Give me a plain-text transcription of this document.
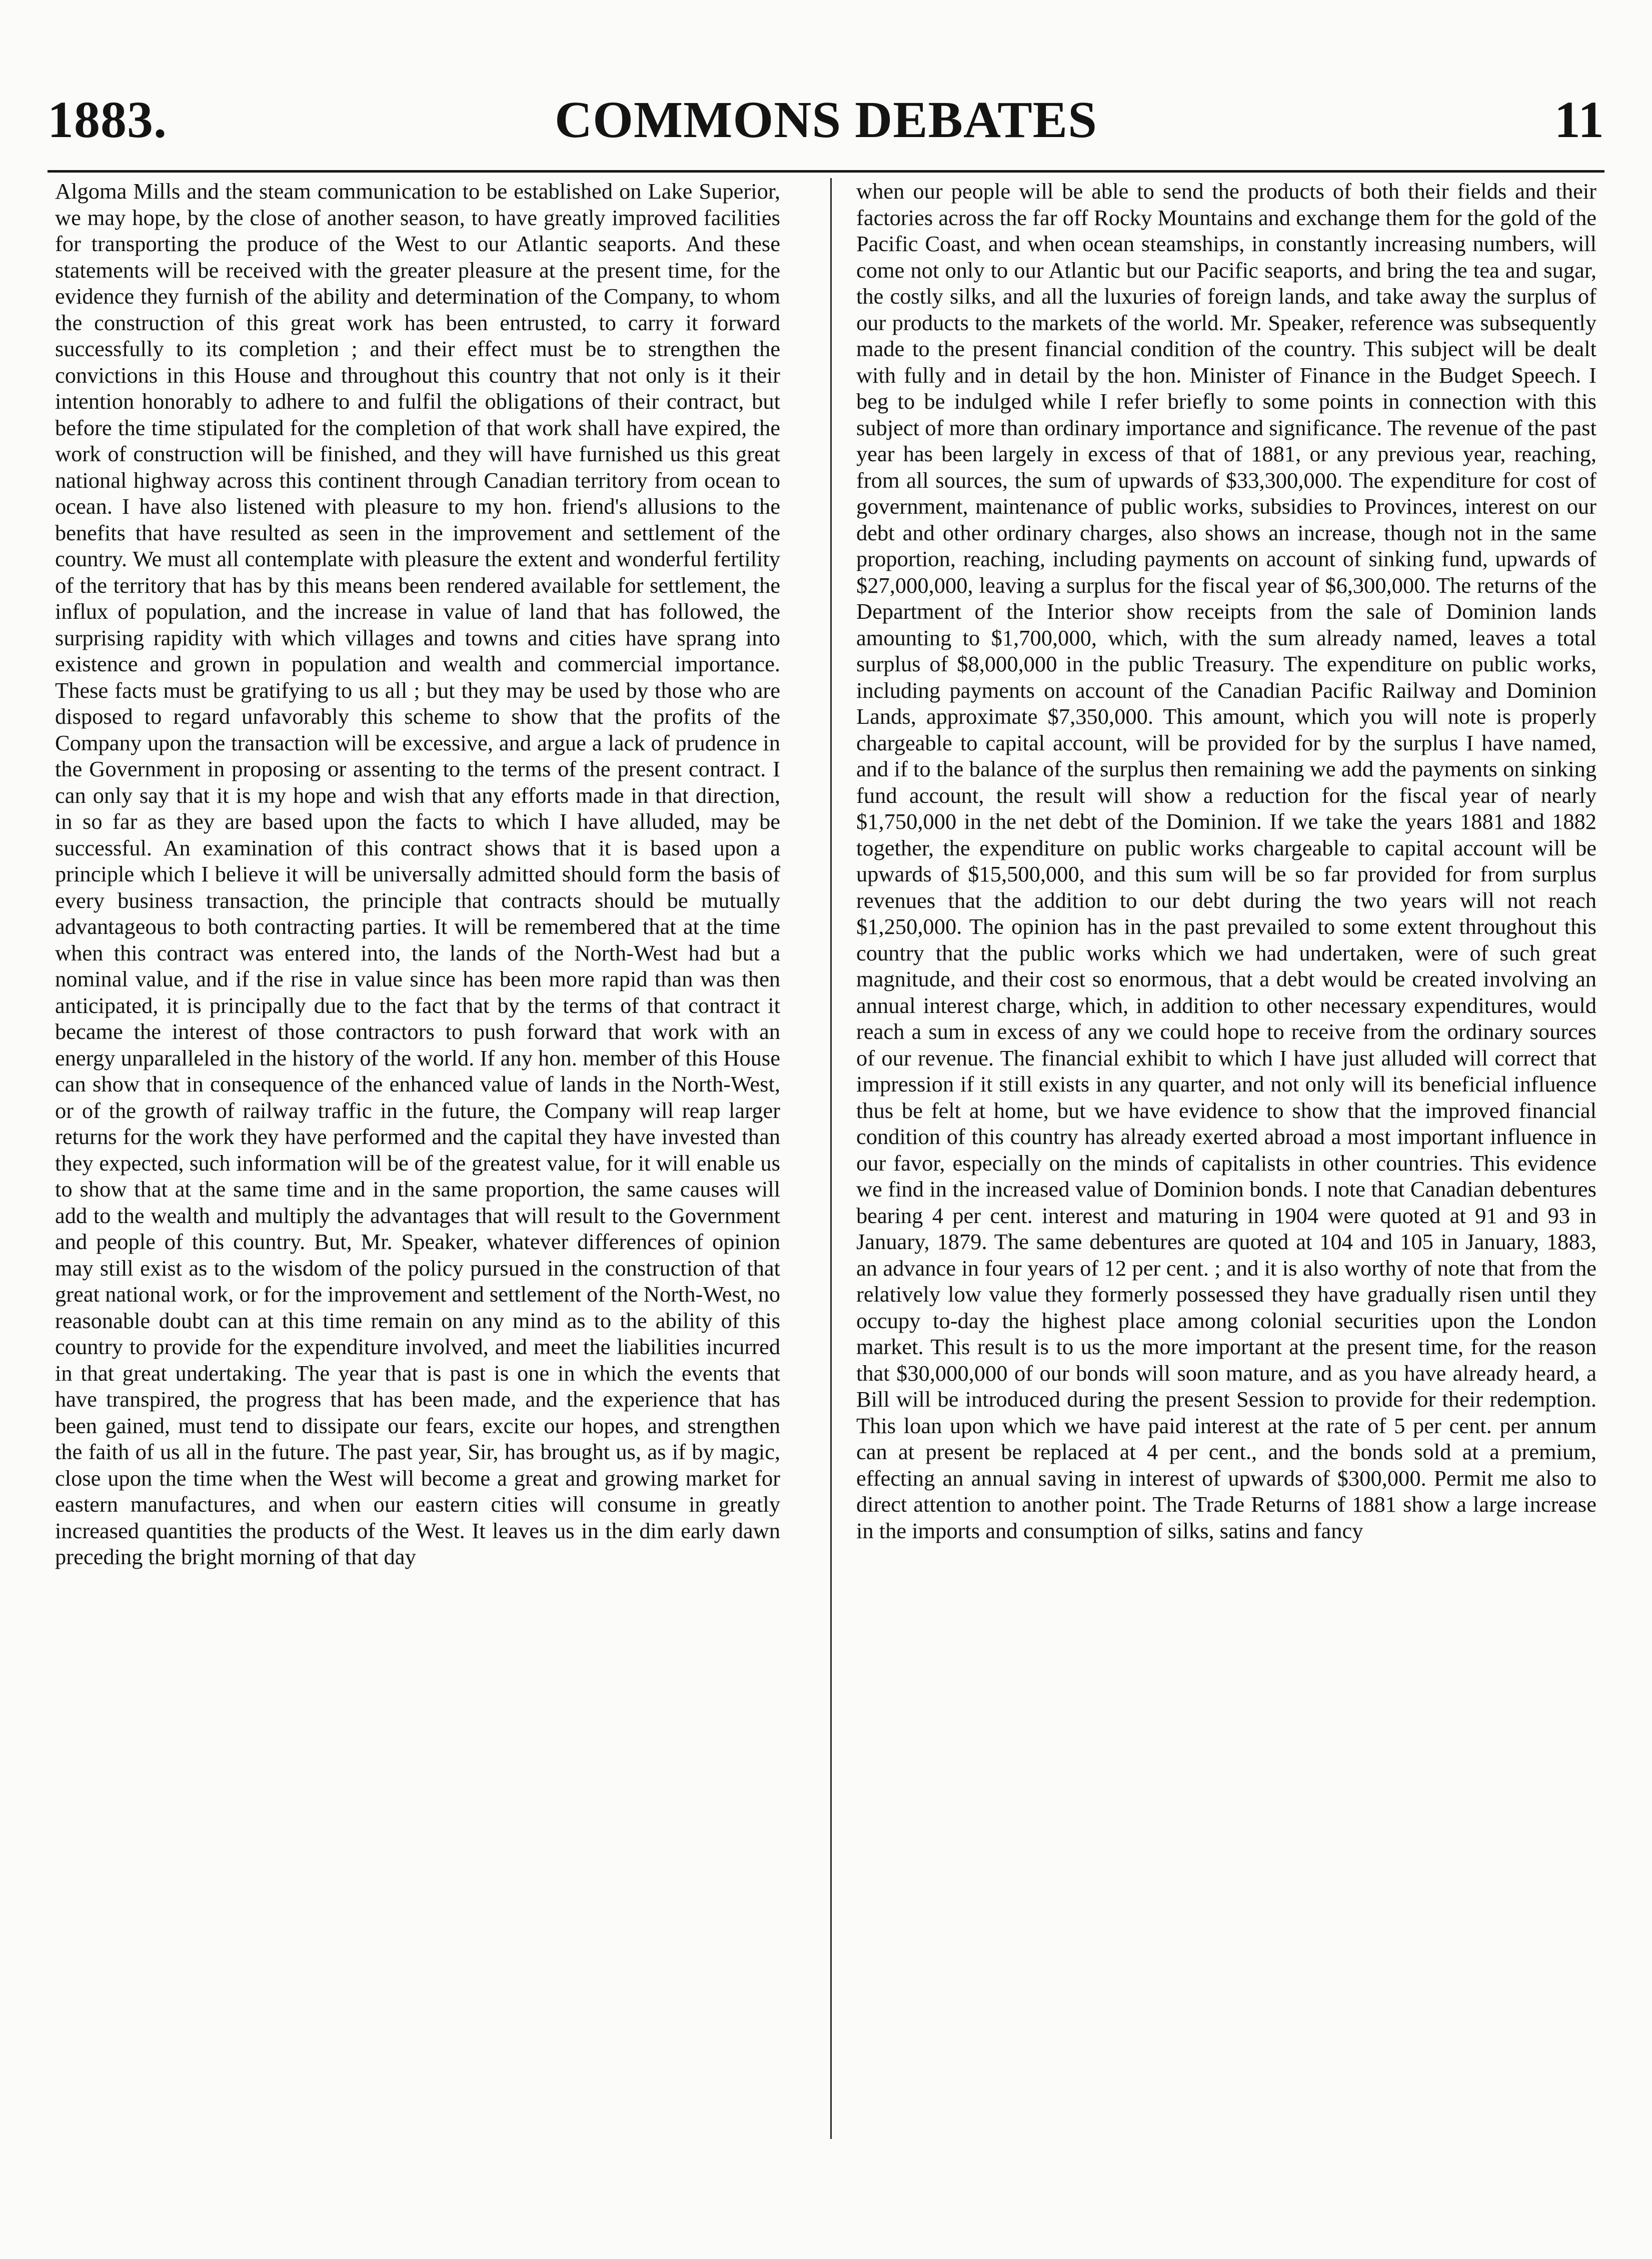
1883.	COMMONS DEBATES	11

Algoma Mills and the steam communication to be established on Lake Superior, we may hope, by the close of another season, to have greatly improved facilities for transporting the produce of the West to our Atlantic seaports. And these statements will be received with the greater pleasure at the present time, for the evidence they furnish of the ability and determination of the Company, to whom the construction of this great work has been entrusted, to carry it forward successfully to its completion ; and their effect must be to strengthen the convictions in this House and throughout this country that not only is it their intention honorably to adhere to and fulfil the obligations of their contract, but before the time stipulated for the completion of that work shall have expired, the work of construction will be finished, and they will have furnished us this great national highway across this continent through Canadian territory from ocean to ocean. I have also listened with pleasure to my hon. friend's allusions to the benefits that have resulted as seen in the improvement and settlement of the country. We must all contemplate with pleasure the extent and wonderful fertility of the territory that has by this means been rendered available for settlement, the influx of population, and the increase in value of land that has followed, the surprising rapidity with which villages and towns and cities have sprang into existence and grown in population and wealth and commercial importance. These facts must be gratifying to us all ; but they may be used by those who are disposed to regard unfavorably this scheme to show that the profits of the Company upon the transaction will be excessive, and argue a lack of prudence in the Government in proposing or assenting to the terms of the present contract. I can only say that it is my hope and wish that any efforts made in that direction, in so far as they are based upon the facts to which I have alluded, may be successful. An examination of this contract shows that it is based upon a principle which I believe it will be universally admitted should form the basis of every business transaction, the principle that contracts should be mutually advantageous to both contracting parties. It will be remembered that at the time when this contract was entered into, the lands of the North-West had but a nominal value, and if the rise in value since has been more rapid than was then anticipated, it is principally due to the fact that by the terms of that contract it became the interest of those contractors to push forward that work with an energy unparalleled in the history of the world. If any hon. member of this House can show that in consequence of the enhanced value of lands in the North-West, or of the growth of railway traffic in the future, the Company will reap larger returns for the work they have performed and the capital they have invested than they expected, such information will be of the greatest value, for it will enable us to show that at the same time and in the same proportion, the same causes will add to the wealth and multiply the advantages that will result to the Government and people of this country. But, Mr. Speaker, whatever differences of opinion may still exist as to the wisdom of the policy pursued in the construction of that great national work, or for the improvement and settlement of the North-West, no reasonable doubt can at this time remain on any mind as to the ability of this country to provide for the expenditure involved, and meet the liabilities incurred in that great undertaking. The year that is past is one in which the events that have transpired, the progress that has been made, and the experience that has been gained, must tend to dissipate our fears, excite our hopes, and strengthen the faith of us all in the future. The past year, Sir, has brought us, as if by magic, close upon the time when the West will become a great and growing market for eastern manufactures, and when our eastern cities will consume in greatly increased quantities the products of the West. It leaves us in the dim early dawn preceding the bright morning of that day

when our people will be able to send the products of both their fields and their factories across the far off Rocky Mountains and exchange them for the gold of the Pacific Coast, and when ocean steamships, in constantly increasing numbers, will come not only to our Atlantic but our Pacific seaports, and bring the tea and sugar, the costly silks, and all the luxuries of foreign lands, and take away the surplus of our products to the markets of the world. Mr. Speaker, reference was subsequently made to the present financial condition of the country. This subject will be dealt with fully and in detail by the hon. Minister of Finance in the Budget Speech. I beg to be indulged while I refer briefly to some points in connection with this subject of more than ordinary importance and significance. The revenue of the past year has been largely in excess of that of 1881, or any previous year, reaching, from all sources, the sum of upwards of $33,300,000. The expenditure for cost of government, maintenance of public works, subsidies to Provinces, interest on our debt and other ordinary charges, also shows an increase, though not in the same proportion, reaching, including payments on account of sinking fund, upwards of $27,000,000, leaving a surplus for the fiscal year of $6,300,000. The returns of the Department of the Interior show receipts from the sale of Dominion lands amounting to $1,700,000, which, with the sum already named, leaves a total surplus of $8,000,000 in the public Treasury. The expenditure on public works, including payments on account of the Canadian Pacific Railway and Dominion Lands, approximate $7,350,000. This amount, which you will note is properly chargeable to capital account, will be provided for by the surplus I have named, and if to the balance of the surplus then remaining we add the payments on sinking fund account, the result will show a reduction for the fiscal year of nearly $1,750,000 in the net debt of the Dominion. If we take the years 1881 and 1882 together, the expenditure on public works chargeable to capital account will be upwards of $15,500,000, and this sum will be so far provided for from surplus revenues that the addition to our debt during the two years will not reach $1,250,000. The opinion has in the past prevailed to some extent throughout this country that the public works which we had undertaken, were of such great magnitude, and their cost so enormous, that a debt would be created involving an annual interest charge, which, in addition to other necessary expenditures, would reach a sum in excess of any we could hope to receive from the ordinary sources of our revenue. The financial exhibit to which I have just alluded will correct that impression if it still exists in any quarter, and not only will its beneficial influence thus be felt at home, but we have evidence to show that the improved financial condition of this country has already exerted abroad a most important influence in our favor, especially on the minds of capitalists in other countries. This evidence we find in the increased value of Dominion bonds. I note that Canadian debentures bearing 4 per cent. interest and maturing in 1904 were quoted at 91 and 93 in January, 1879. The same debentures are quoted at 104 and 105 in January, 1883, an advance in four years of 12 per cent. ; and it is also worthy of note that from the relatively low value they formerly possessed they have gradually risen until they occupy to-day the highest place among colonial securities upon the London market. This result is to us the more important at the present time, for the reason that $30,000,000 of our bonds will soon mature, and as you have already heard, a Bill will be introduced during the present Session to provide for their redemption. This loan upon which we have paid interest at the rate of 5 per cent. per annum can at present be replaced at 4 per cent., and the bonds sold at a premium, effecting an annual saving in interest of upwards of $300,000. Permit me also to direct attention to another point. The Trade Returns of 1881 show a large increase in the imports and consumption of silks, satins and fancy
